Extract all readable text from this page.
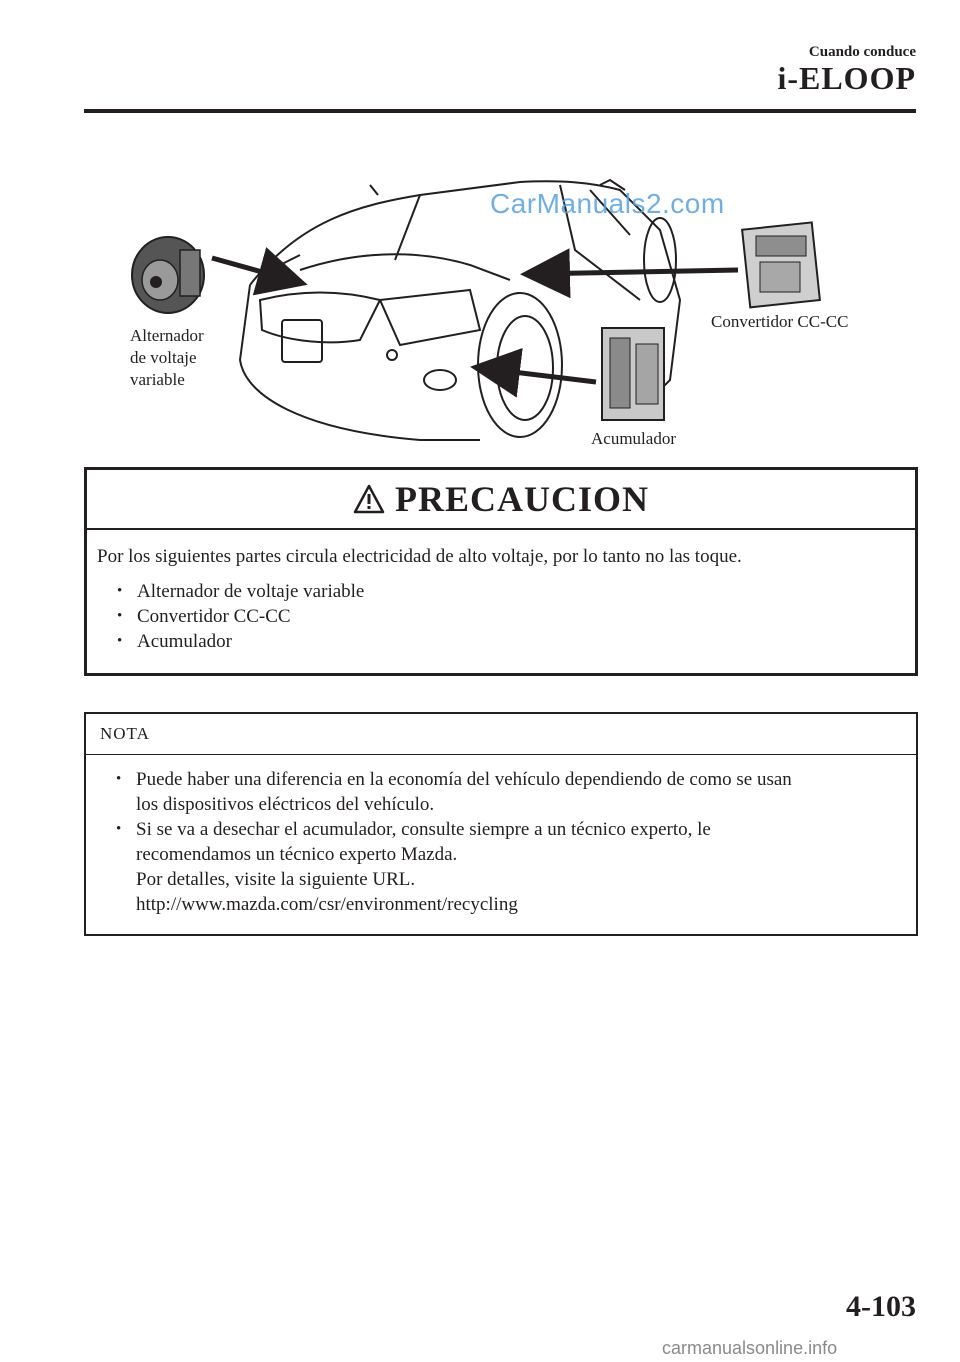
Cuando conduce
i-ELOOP
CarManuals2.com
Alternador
de voltaje
variable
Convertidor CC-CC
Acumulador
PRECAUCION

Por los siguientes partes circula electricidad de alto voltaje, por lo tanto no las toque.

• Alternador de voltaje variable
• Convertidor CC-CC
• Acumulador
NOTA
• Puede haber una diferencia en la economía del vehículo dependiendo de como se usan
los dispositivos eléctricos del vehículo.
• Si se va a desechar el acumulador, consulte siempre a un técnico experto, le
recomendamos un técnico experto Mazda.
Por detalles, visite la siguiente URL.
http://www.mazda.com/csr/environment/recycling
4-103
carmanualsonline.info
